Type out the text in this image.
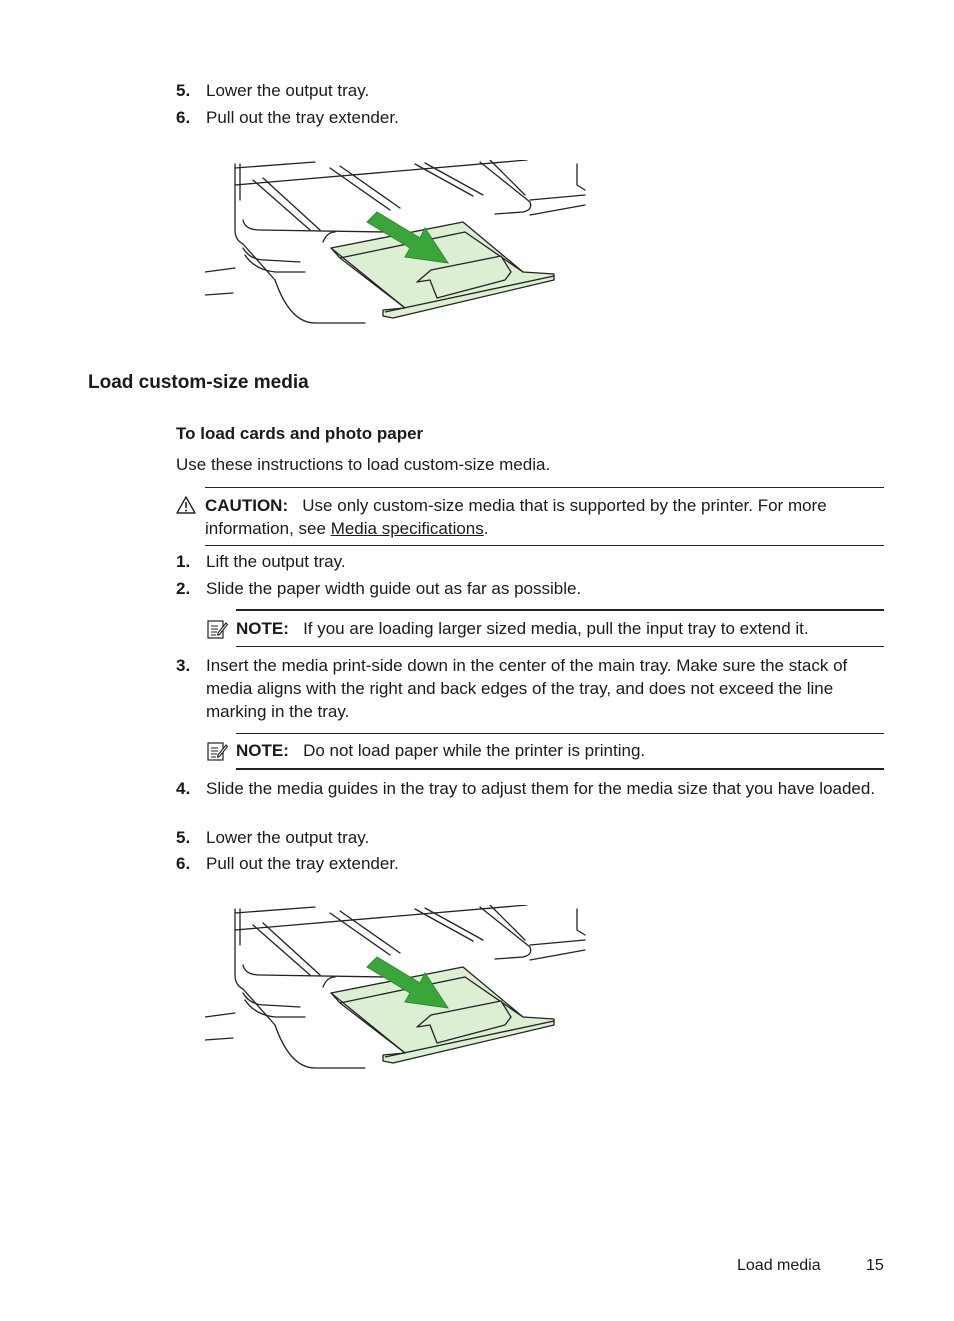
5. Lower the output tray.
6. Pull out the tray extender.
Load custom-size media
To load cards and photo paper
Use these instructions to load custom-size media.
CAUTION: Use only custom-size media that is supported by the printer. For more information, see Media specifications.
1. Lift the output tray.
2. Slide the paper width guide out as far as possible.
NOTE: If you are loading larger sized media, pull the input tray to extend it.
3. Insert the media print-side down in the center of the main tray. Make sure the stack of media aligns with the right and back edges of the tray, and does not exceed the line marking in the tray.
NOTE: Do not load paper while the printer is printing.
4. Slide the media guides in the tray to adjust them for the media size that you have loaded.
5. Lower the output tray.
6. Pull out the tray extender.
Load media	15
